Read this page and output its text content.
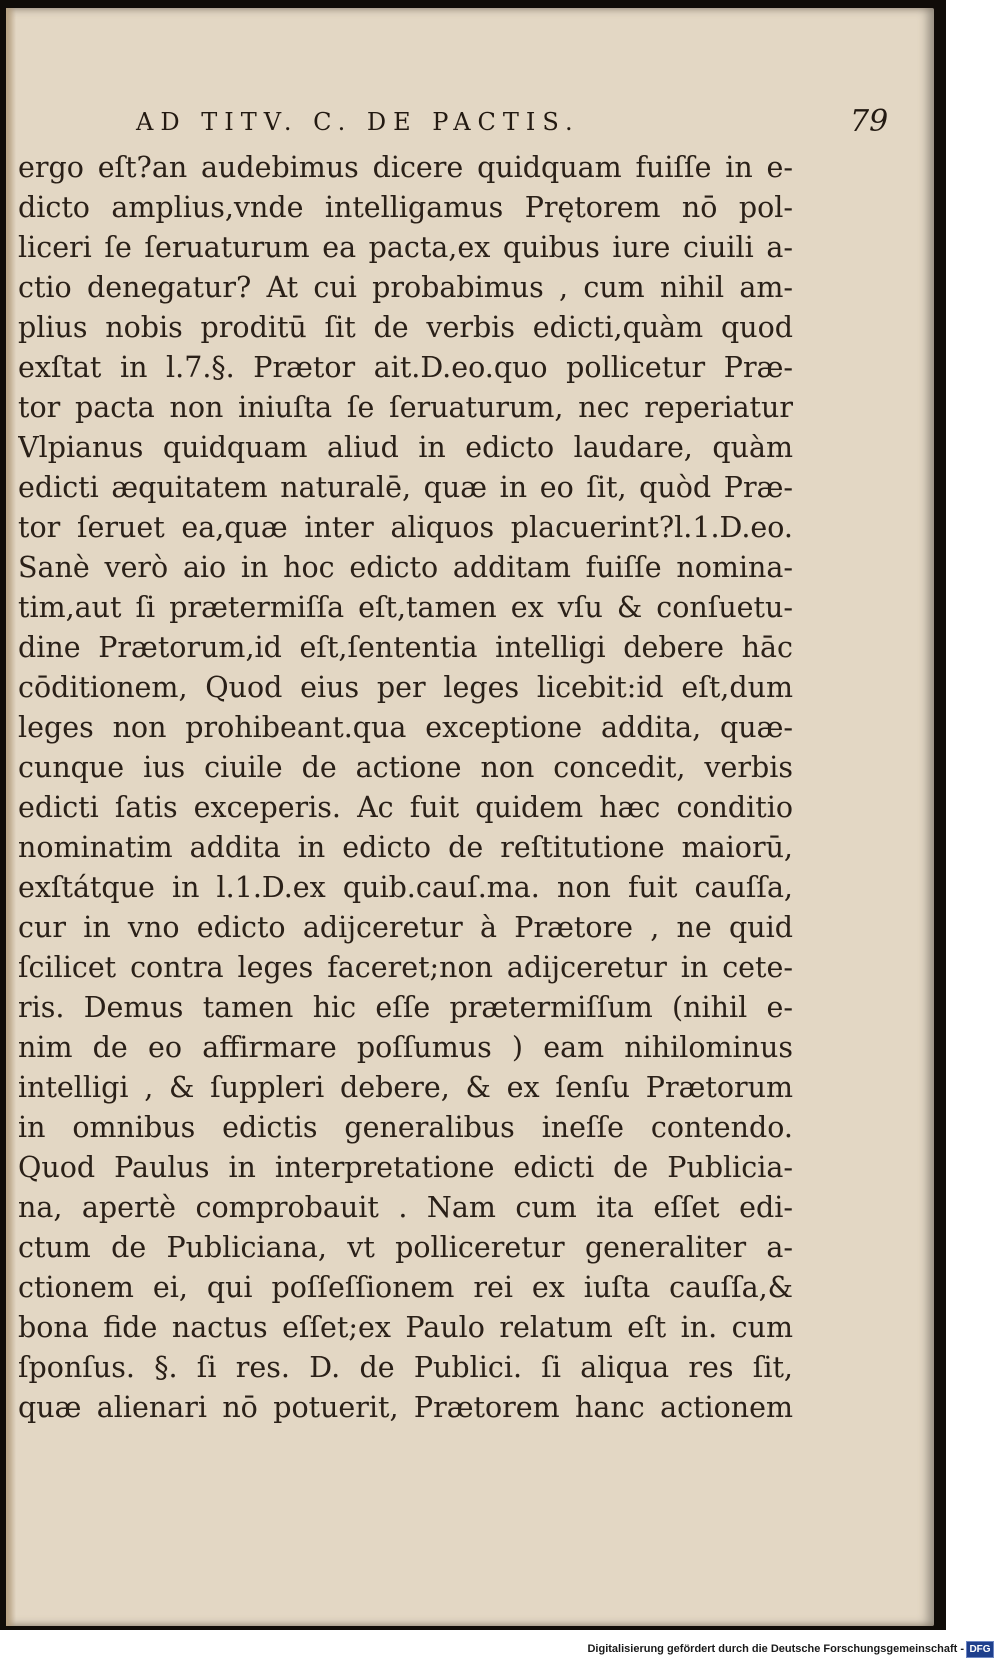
AD TITV. C. DE PACTIS.	79
ergo eſt?an audebimus dicere quidquam fuiſſe in e-
dicto amplius,vnde intelligamus Prętorem nō pol-
liceri ſe ſeruaturum ea pacta,ex quibus iure ciuili a-
ctio denegatur? At cui probabimus , cum nihil am-
plius nobis proditū ſit de verbis edicti,quàm quod
exſtat in l.7.§. Prætor ait.D.eo.quo pollicetur Præ-
tor pacta non iniuſta ſe ſeruaturum, nec reperiatur
Vlpianus quidquam aliud in edicto laudare, quàm
edicti æquitatem naturalē, quæ in eo ſit, quòd Præ-
tor ſeruet ea,quæ inter aliquos placuerint?l.1.D.eo.
Sanè verò aio in hoc edicto additam fuiſſe nomina-
tim,aut ſi prætermiſſa eſt,tamen ex vſu & conſuetu-
dine Prætorum,id eſt,ſententia intelligi debere hāc
cōditionem, Quod eius per leges licebit:id eſt,dum
leges non prohibeant.qua exceptione addita, quæ-
cunque ius ciuile de actione non concedit, verbis
edicti ſatis exceperis. Ac fuit quidem hæc conditio
nominatim addita in edicto de reſtitutione maiorū,
exſtátque in l.1.D.ex quib.cauſ.ma. non fuit cauſſa,
cur in vno edicto adijceretur à Prætore , ne quid
ſcilicet contra leges faceret;non adijceretur in cete-
ris. Demus tamen hic eſſe prætermiſſum (nihil e-
nim de eo affirmare poſſumus ) eam nihilominus
intelligi , & ſuppleri debere, & ex ſenſu Prætorum
in omnibus edictis generalibus ineſſe contendo.
Quod Paulus in interpretatione edicti de Publicia-
na, apertè comprobauit . Nam cum ita eſſet edi-
ctum de Publiciana, vt polliceretur generaliter a-
ctionem ei, qui poſſeſſionem rei ex iuſta cauſſa,&
bona fide nactus eſſet;ex Paulo relatum eſt in. cum
ſponſus. §. ſi res. D. de Publici. ſi aliqua res ſit,
quæ alienari nō potuerit, Prætorem hanc actionem
Digitalisierung gefördert durch die Deutsche Forschungsgemeinschaft - DFG
